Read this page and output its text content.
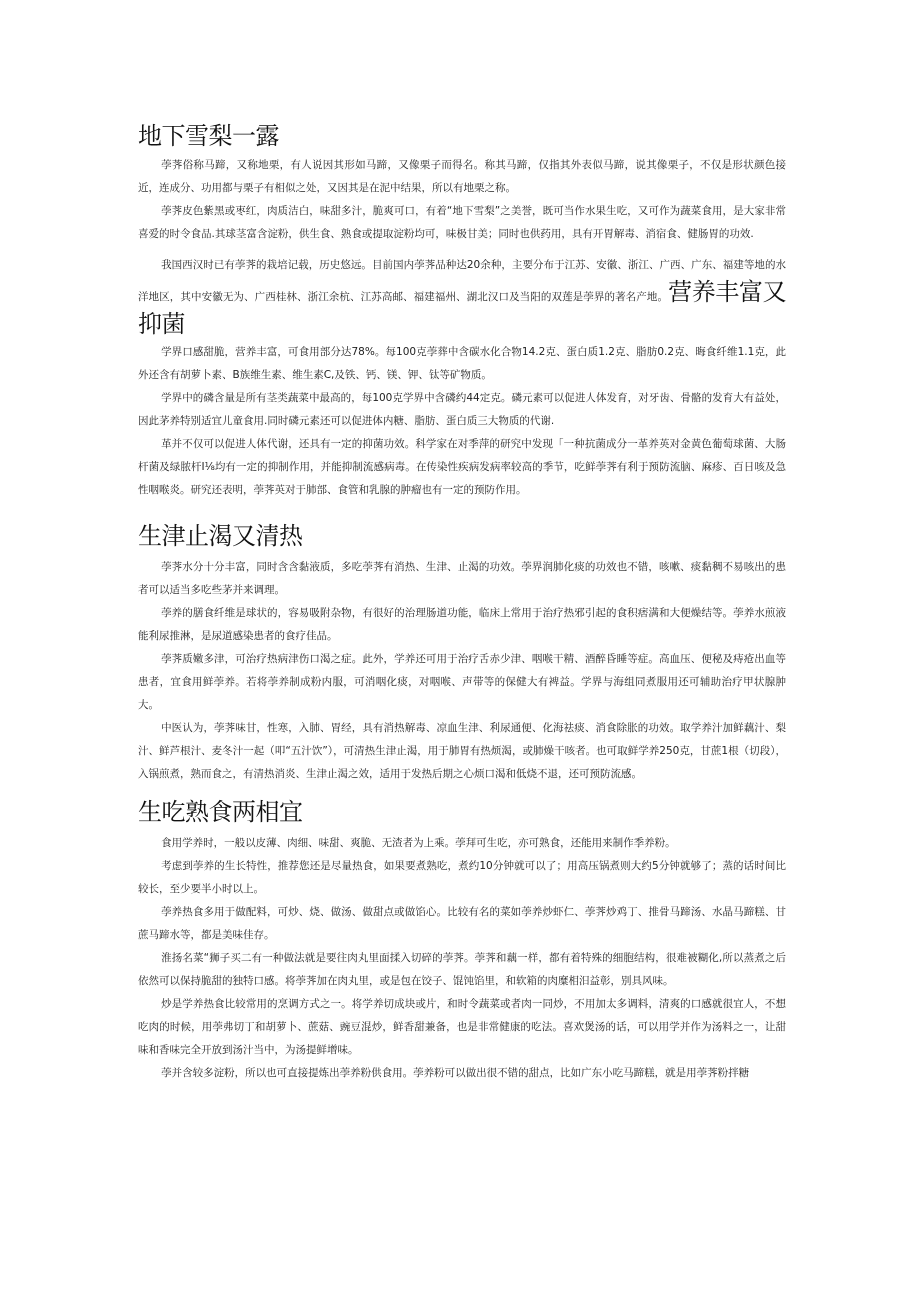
地下雪梨一露

荸荠俗称马蹄，又称地栗，有人说因其形如马蹄，又像栗子而得名。称其马蹄，仅指其外表似马蹄，说其像栗子，不仅是形状颜色接近，连成分、功用都与栗子有相似之处，又因其是在泥中结果，所以有地栗之称。

荸荠皮色紫黑或枣红，肉质洁白，味甜多汁，脆爽可口，有着“地下雪梨”之美誉，既可当作水果生吃，又可作为蔬菜食用，是大家非常喜爱的时令食品.其球茎富含淀粉，供生食、熟食或提取淀粉均可，味极甘美；同时也供药用，具有开胃解毒、消宿食、健肠胃的功效.

我国西汉时已有荸荠的栽培记载，历史悠远。目前国内荸荠品种达20余种，主要分布于江苏、安徽、浙江、广西、广东、福建等地的水洋地区，其中安徽无为、广西桂林、浙江余杭、江苏高邮、福建福州、湖北汉口及当阳的双莲是荸界的著名产地。营养丰富又抑菌

学界口感甜脆，营养丰富，可食用部分达78%。每100克荸葬中含碳水化合物14.2克、蛋白质1.2克、脂肪0.2克、晦食纤维1.1克，此外还含有胡萝卜素、B族维生素、维生素C,及铁、钙、镁、钾、钛等矿物质。

学界中的磷含量是所有茎类蔬菜中最高的，每100克学界中含磷约44定克。磷元素可以促进人体发育，对牙齿、骨骼的发育大有益处，因此茅养特别适宜儿童食用.同时磷元素还可以促进体内糖、脂肪、蛋白质三大物质的代谢.

革并不仅可以促进人体代谢，还具有一定的抑菌功效。科学家在对季萍的研究中发现「一种抗菌成分一革养英对金黄色葡萄球菌、大肠杆菌及绿脓杆I⅛均有一定的抑制作用，并能抑制流感病毒。在传染性疾病发病率较高的季节，吃鲜荸荠有利于预防流脑、麻疹、百日咳及急性咽喉炎。研究还表明，荸荠英对于肺部、食管和乳腺的肿瘤也有一定的预防作用。

生津止渴又清热

荸荠水分十分丰富，同时含含黏液质，多吃荸荠有消热、生津、止渴的功效。荸界润肺化痰的功效也不错，咳嗽、痰黏稠不易咳出的患者可以适当多吃些茅并来调理。

荸养的膳食纤维是球状的，容易吸附杂物，有很好的治理肠道功能，临床上常用于治疗热邪引起的食积痞满和大便燥结等。荸养水煎液能利尿推淋，是尿道感染患者的食疗佳品。

荸荠质嫩多津，可治疗热病津伤口渴之症。此外，学养还可用于治疗舌赤少津、咽喉干精、酒醉昏睡等症。高血压、便秘及痔疮出血等患者，宜食用鲜荸养。若将荸养制成粉内服，可消咽化痰，对咽喉、声带等的保健大有裨益。学界与海组同煮服用还可辅助治疗甲状腺肿大。

中医认为，荸荠味甘，性寒，入肺、胃经，具有消热解毒、凉血生津、利尿通便、化海祛痰、消食除胀的功效。取学养汁加鲜藕汁、梨汁、鲜芦根汁、麦冬汁一起（叩“五汁饮”），可清热生津止渴，用于肺胃有热烦渴，或肺燥干咳者。也可取鲜学养250克，甘蔗1根（切段），入锅煎煮，熟而食之，有清热消炎、生津止渴之效，适用于发热后期之心烦口渴和低烧不退，还可预防流感。

生吃熟食两相宜

食用学养时，一般以皮薄、肉细、味甜、爽脆、无渣者为上乘。荸拜可生吃，亦可熟食，还能用来制作季养粉。

考虑到荸养的生长特性，推荐您还是尽量热食，如果要煮熟吃，煮约10分钟就可以了；用高压锅煮则大约5分钟就够了；蒸的话时间比较长，至少要半小时以上。

荸养热食多用于做配料，可炒、烧、做汤、做甜点或做馅心。比较有名的菜如荸养炒虾仁、荸荠炒鸡丁、推骨马蹄汤、水晶马蹄糕、甘蔗马蹄水等，都是美味佳存。

淮扬名菜“狮子买二有一种做法就是要往肉丸里面揉入切碎的荸荠。荸荠和藕一样，都有着特殊的细胞结构，很难被糊化,所以蒸煮之后依然可以保持脆甜的独特口感。将荸荠加在肉丸里，或是包在饺子、馄饨馅里，和软箱的肉糜相汨益彰，别具风味。

炒是学养热食比较常用的烹调方式之一。将学养切成块或片，和时令蔬菜或者肉一同炒，不用加太多调料，清爽的口感就很宜人，不想吃肉的时候，用荸弗切丁和胡萝卜、蔗菇、豌豆混炒，鲜香甜兼备，也是非常健康的吃法。喜欢煲汤的话，可以用学并作为汤料之一，让甜味和香味完全开放到汤汁当中，为汤提鲜增味。

荸并含较多淀粉，所以也可直接提炼出荸养粉供食用。荸养粉可以做出很不错的甜点，比如广东小吃马蹄糕，就是用荸荠粉拌糖
